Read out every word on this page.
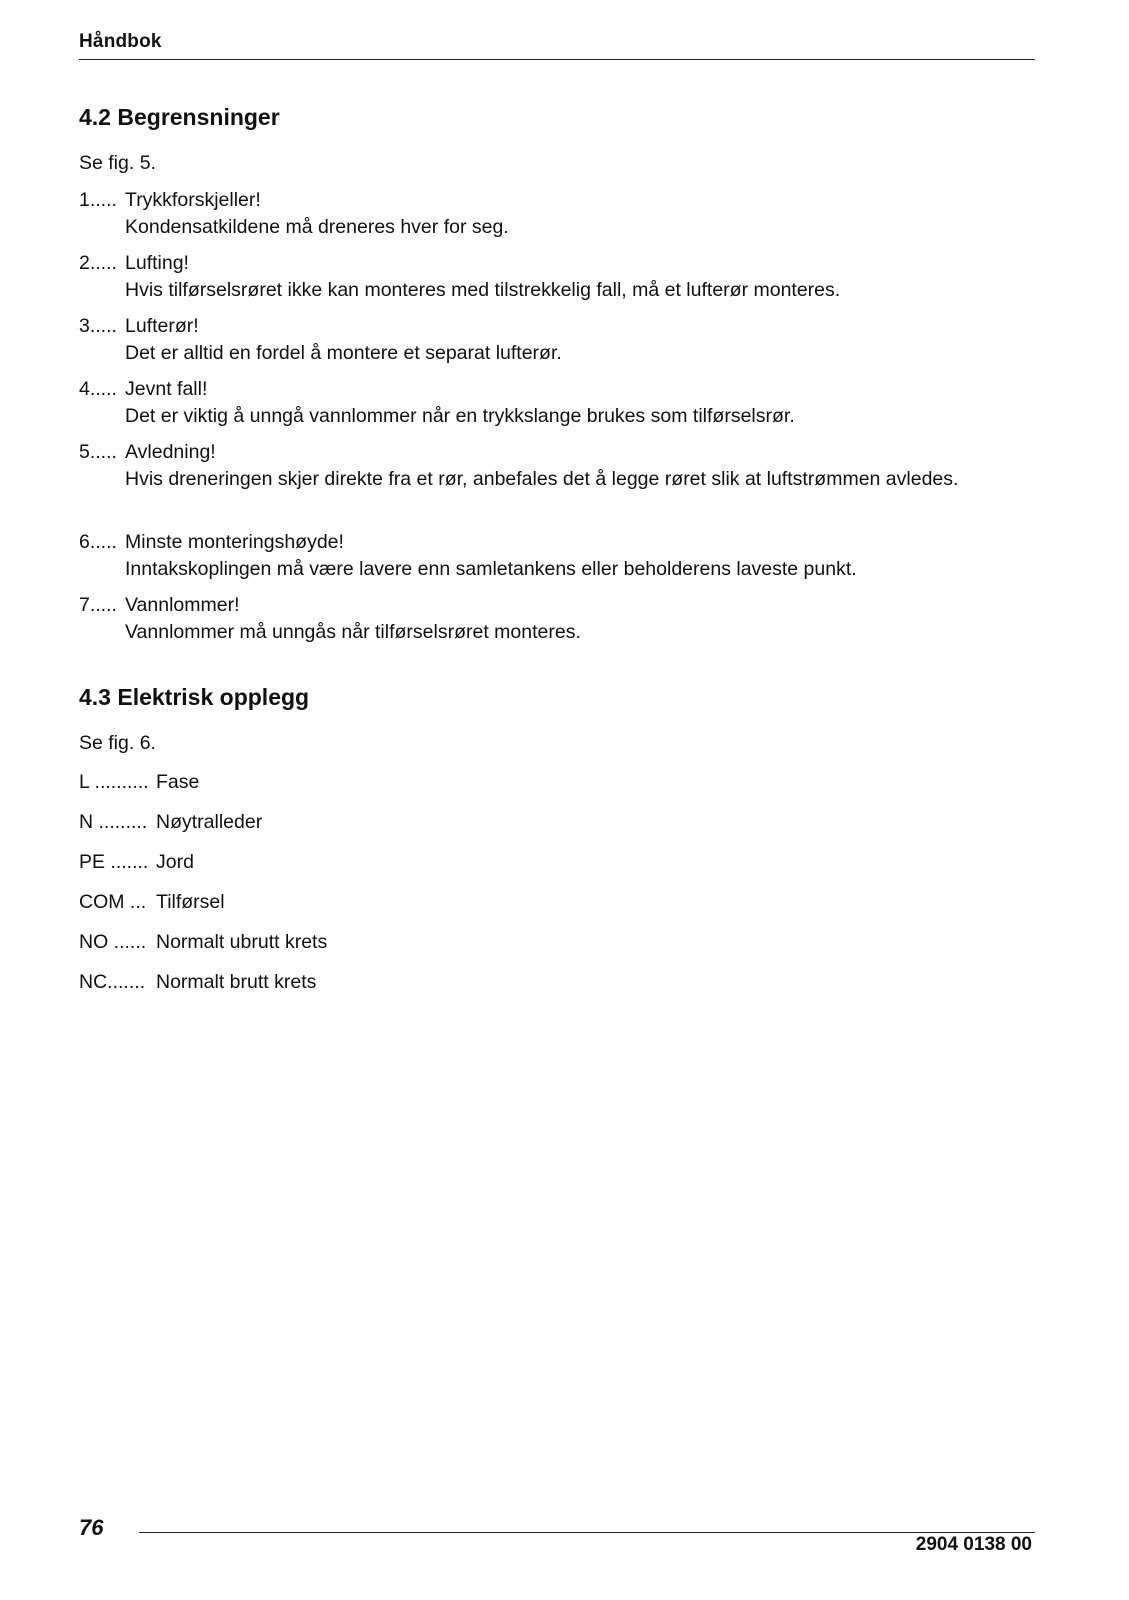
Håndbok
4.2 Begrensninger
Se fig. 5.
1..... Trykkforskjeller!
Kondensatkildene må dreneres hver for seg.
2..... Lufting!
Hvis tilførselsrøret ikke kan monteres med tilstrekkelig fall, må et lufterør monteres.
3..... Lufterør!
Det er alltid en fordel å montere et separat lufterør.
4..... Jevnt fall!
Det er viktig å unngå vannlommer når en trykkslange brukes som tilførselsrør.
5..... Avledning!
Hvis dreneringen skjer direkte fra et rør, anbefales det å legge røret slik at luftstrømmen avledes.
6..... Minste monteringshøyde!
Inntakskoplingen må være lavere enn samletankens eller beholderens laveste punkt.
7..... Vannlommer!
Vannlommer må unngås når tilførselsrøret monteres.
4.3 Elektrisk opplegg
Se fig. 6.
L .......... Fase
N ......... Nøytralleder
PE ....... Jord
COM ... Tilførsel
NO ...... Normalt ubrutt krets
NC....... Normalt brutt krets
76
2904 0138 00
